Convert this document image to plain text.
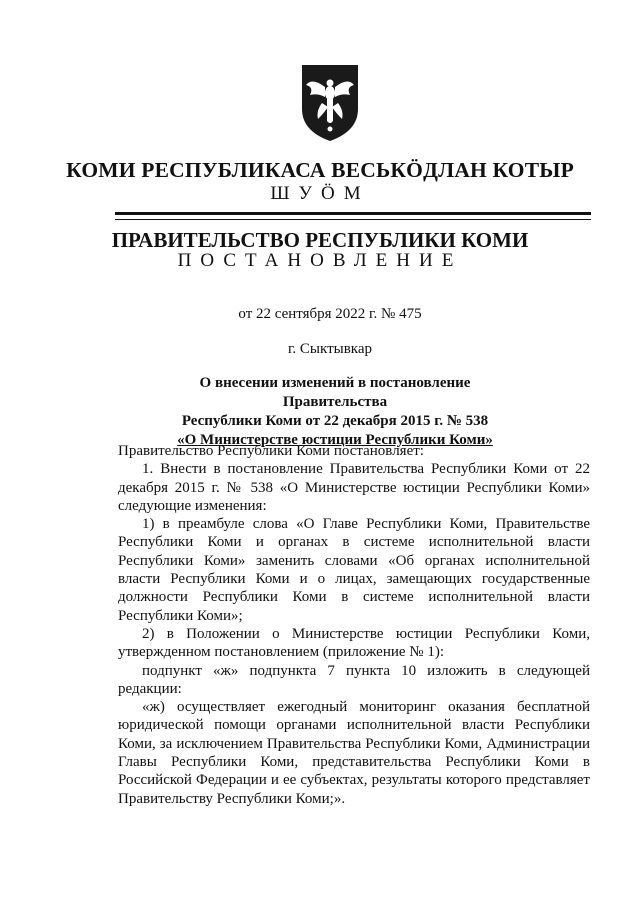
КОМИ РЕСПУБЛИКАСА ВЕСЬКӦДЛАН КОТЫР
ШУӦМ
ПРАВИТЕЛЬСТВО РЕСПУБЛИКИ КОМИ
ПОСТАНОВЛЕНИЕ
от 22 сентября 2022 г. № 475
г. Сыктывкар
О внесении изменений в постановление Правительства
Республики Коми от 22 декабря 2015 г. № 538
«О Министерстве юстиции Республики Коми»

Правительство Республики Коми постановляет:

1. Внести в постановление Правительства Республики Коми от 22 декабря 2015 г. № 538 «О Министерстве юстиции Республики Коми» следующие изменения:

1) в преамбуле слова «О Главе Республики Коми, Правительстве Республики Коми и органах в системе исполнительной власти Республики Коми» заменить словами «Об органах исполнительной власти Республики Коми и о лицах, замещающих государственные должности Республики Коми в системе исполнительной власти Республики Коми»;

2) в Положении о Министерстве юстиции Республики Коми, утвержденном постановлением (приложение № 1):

подпункт «ж» подпункта 7 пункта 10 изложить в следующей редакции:

«ж) осуществляет ежегодный мониторинг оказания бесплатной юридической помощи органами исполнительной власти Республики Коми, за исключением Правительства Республики Коми, Администрации Главы Республики Коми, представительства Республики Коми в Российской Федерации и ее субъектах, результаты которого представляет Правительству Республики Коми;».
